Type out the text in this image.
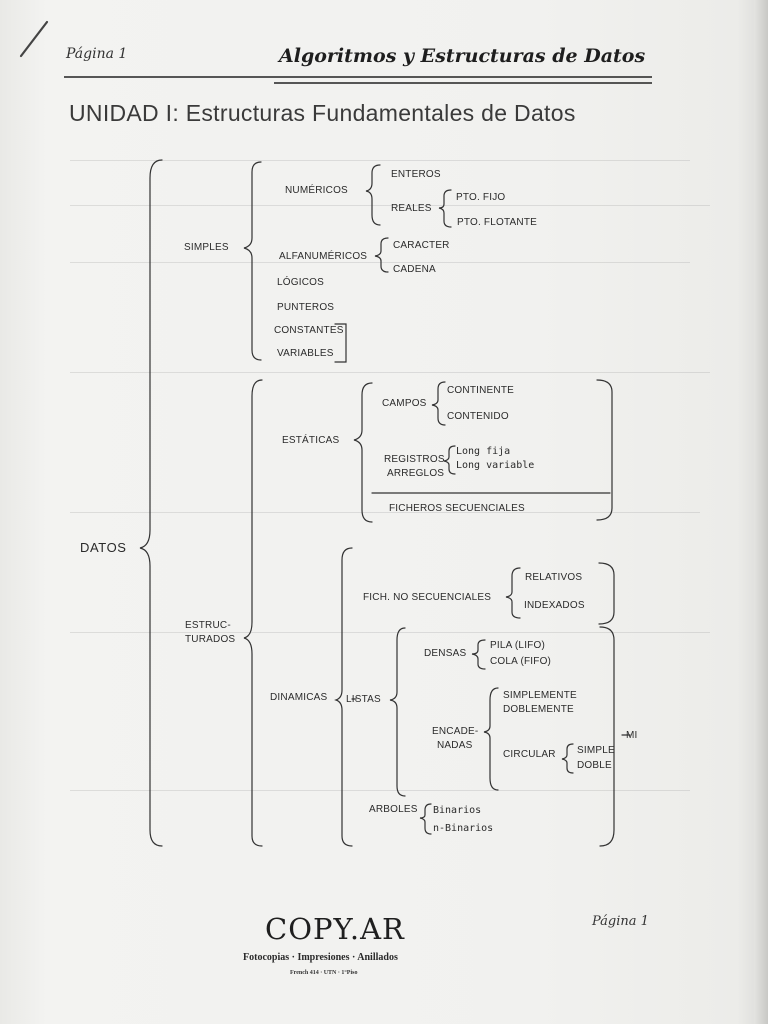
Página 1	Algoritmos y Estructuras de Datos
UNIDAD I: Estructuras Fundamentales de Datos
DATOS
SIMPLES
NUMÉRICOS
ENTEROS
REALES
PTO. FIJO
PTO. FLOTANTE
ALFANUMÉRICOS
CARACTER
CADENA
LÓGICOS
PUNTEROS
CONSTANTES
VARIABLES
ESTRUC-
TURADOS
ESTÁTICAS
CAMPOS
CONTINENTE
CONTENIDO
REGISTROS
ARREGLOS
Long fija
Long variable
FICHEROS SECUENCIALES
DINAMICAS
FICH. NO SECUENCIALES
RELATIVOS
INDEXADOS
LISTAS
DENSAS
PILA (LIFO)
COLA (FIFO)
ENCADE-
NADAS
SIMPLEMENTE
DOBLEMENTE
CIRCULAR SIMPLE
DOBLE
MI
ARBOLES Binarios
n-Binarios
COPY.AR
Fotocopias · Impresiones · Anillados
French 414 · UTN · 1°Piso
Página 1
